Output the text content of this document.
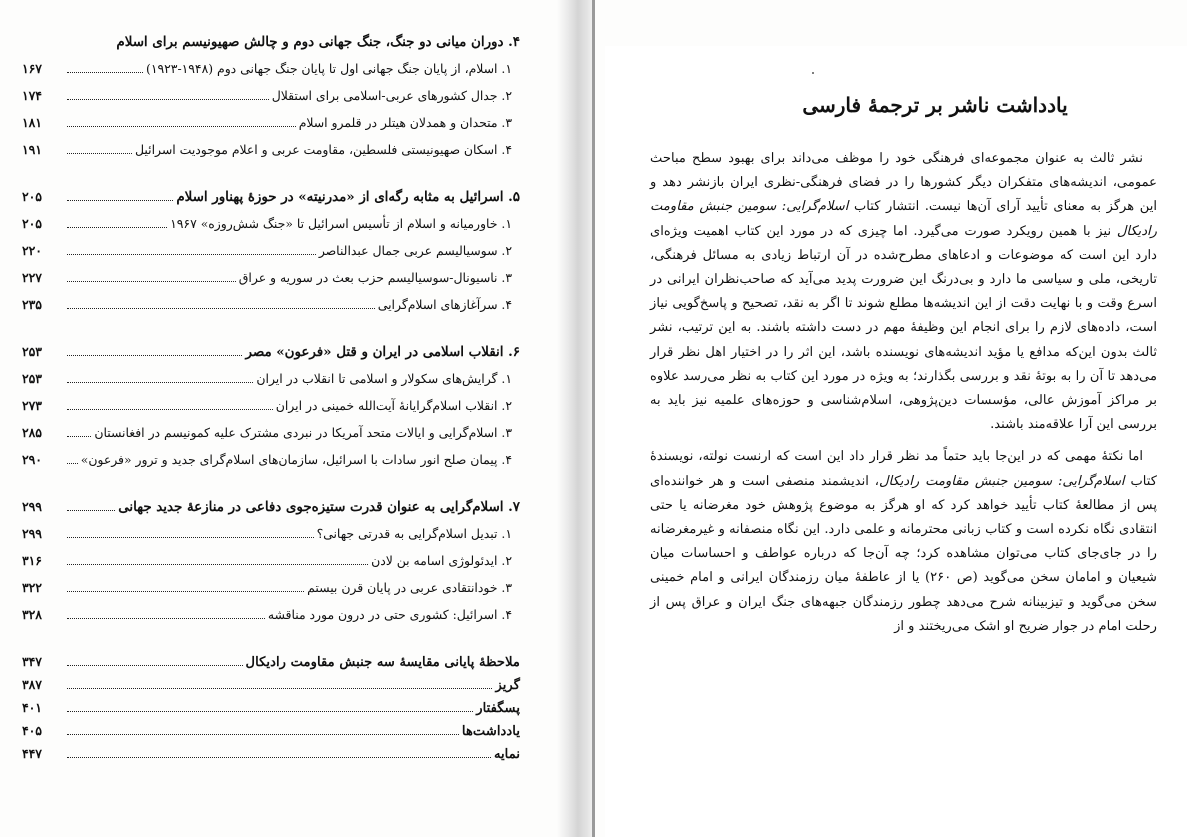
۴. دوران میانی دو جنگ، جنگ جهانی دوم و چالش صهیونیسم برای اسلام
۱. اسلام، از پایان جنگ جهانی اول تا پایان جنگ جهانی دوم (۱۹۴۸-۱۹۲۳)
۱۶۷
۲. جدال کشورهای عربی-اسلامی برای استقلال
۱۷۴
۳. متحدان و همدلان هیتلر در قلمرو اسلام
۱۸۱
۴. اسکان صهیونیستی فلسطین، مقاومت عربی و اعلام موجودیت اسرائیل
۱۹۱
۵. اسرائیل به مثابه رگه‌ای از «مدرنیته» در حوزهٔ پهناور اسلام
۲۰۵
۱. خاورمیانه و اسلام از تأسیس اسرائیل تا «جنگ شش‌روزه» ۱۹۶۷
۲۰۵
۲. سوسیالیسم عربی جمال عبدالناصر
۲۲۰
۳. ناسیونال-سوسیالیسم حزب بعث در سوریه و عراق
۲۲۷
۴. سرآغازهای اسلام‌گرایی
۲۳۵
۶. انقلاب اسلامی در ایران و قتل «فرعون» مصر
۲۵۳
۱. گرایش‌های سکولار و اسلامی تا انقلاب در ایران
۲۵۳
۲. انقلاب اسلام‌گرایانهٔ آیت‌الله خمینی در ایران
۲۷۳
۳. اسلام‌گرایی و ایالات متحد آمریکا در نبردی مشترک علیه کمونیسم در افغانستان
۲۸۵
۴. پیمان صلح انور سادات با اسرائیل، سازمان‌های اسلام‌گرای جدید و ترور «فرعون»
۲۹۰
۷. اسلام‌گرایی به عنوان قدرت ستیزه‌جوی دفاعی در منازعهٔ جدید جهانی
۲۹۹
۱. تبدیل اسلام‌گرایی به قدرتی جهانی؟
۲۹۹
۲. ایدئولوژی اسامه بن لادن
۳۱۶
۳. خودانتقادی عربی در پایان قرن بیستم
۳۲۲
۴. اسرائیل: کشوری حتی در درون مورد مناقشه
۳۲۸
ملاحظهٔ پایانی مقایسهٔ سه جنبش مقاومت رادیکال
۳۴۷
گریز
۳۸۷
پسگفتار
۴۰۱
یادداشت‌ها
۴۰۵
نمایه
۴۴۷
یادداشت ناشر بر ترجمهٔ فارسی

نشر ثالث به عنوان مجموعه‌ای فرهنگی خود را موظف می‌داند برای بهبود سطح مباحث عمومی، اندیشه‌های متفکران دیگر کشورها را در فضای فرهنگی-نظری ایران بازنشر دهد و این هرگز به معنای تأیید آرای آن‌ها نیست. انتشار کتاب اسلام‌گرایی: سومین جنبش مقاومت رادیکال نیز با همین رویکرد صورت می‌گیرد. اما چیزی که در مورد این کتاب اهمیت ویژه‌ای دارد این است که موضوعات و ادعاهای مطرح‌شده در آن ارتباط زیادی به مسائل فرهنگی، تاریخی، ملی و سیاسی ما دارد و بی‌درنگ این ضرورت پدید می‌آید که صاحب‌نظران ایرانی در اسرع وقت و با نهایت دقت از این اندیشه‌ها مطلع شوند تا اگر به نقد، تصحیح و پاسخ‌گویی نیاز است، داده‌های لازم را برای انجام این وظیفهٔ مهم در دست داشته باشند. به این ترتیب، نشر ثالث بدون این‌که مدافع یا مؤید اندیشه‌های نویسنده باشد، این اثر را در اختیار اهل نظر قرار می‌دهد تا آن را به بوتهٔ نقد و بررسی بگذارند؛ به ویژه در مورد این کتاب به نظر می‌رسد علاوه بر مراکز آموزش عالی، مؤسسات دین‌پژوهی، اسلام‌شناسی و حوزه‌های علمیه نیز باید به بررسی این آرا علاقه‌مند باشند.

اما نکتهٔ مهمی که در این‌جا باید حتماً مد نظر قرار داد این است که ارنست نولته، نویسندهٔ کتاب اسلام‌گرایی: سومین جنبش مقاومت رادیکال، اندیشمند منصفی است و هر خواننده‌ای پس از مطالعهٔ کتاب تأیید خواهد کرد که او هرگز به موضوع پژوهش خود مغرضانه یا حتی انتقادی نگاه نکرده است و کتاب زبانی محترمانه و علمی دارد. این نگاه منصفانه و غیرمغرضانه را در جای‌جای کتاب می‌توان مشاهده کرد؛ چه آن‌جا که درباره عواطف و احساسات میان شیعیان و امامان سخن می‌گوید (ص ۲۶۰) یا از عاطفهٔ میان رزمندگان ایرانی و امام خمینی سخن می‌گوید و تیزبینانه شرح می‌دهد چطور رزمندگان جبهه‌های جنگ ایران و عراق پس از رحلت امام در جوار ضریح او اشک می‌ریختند و از
